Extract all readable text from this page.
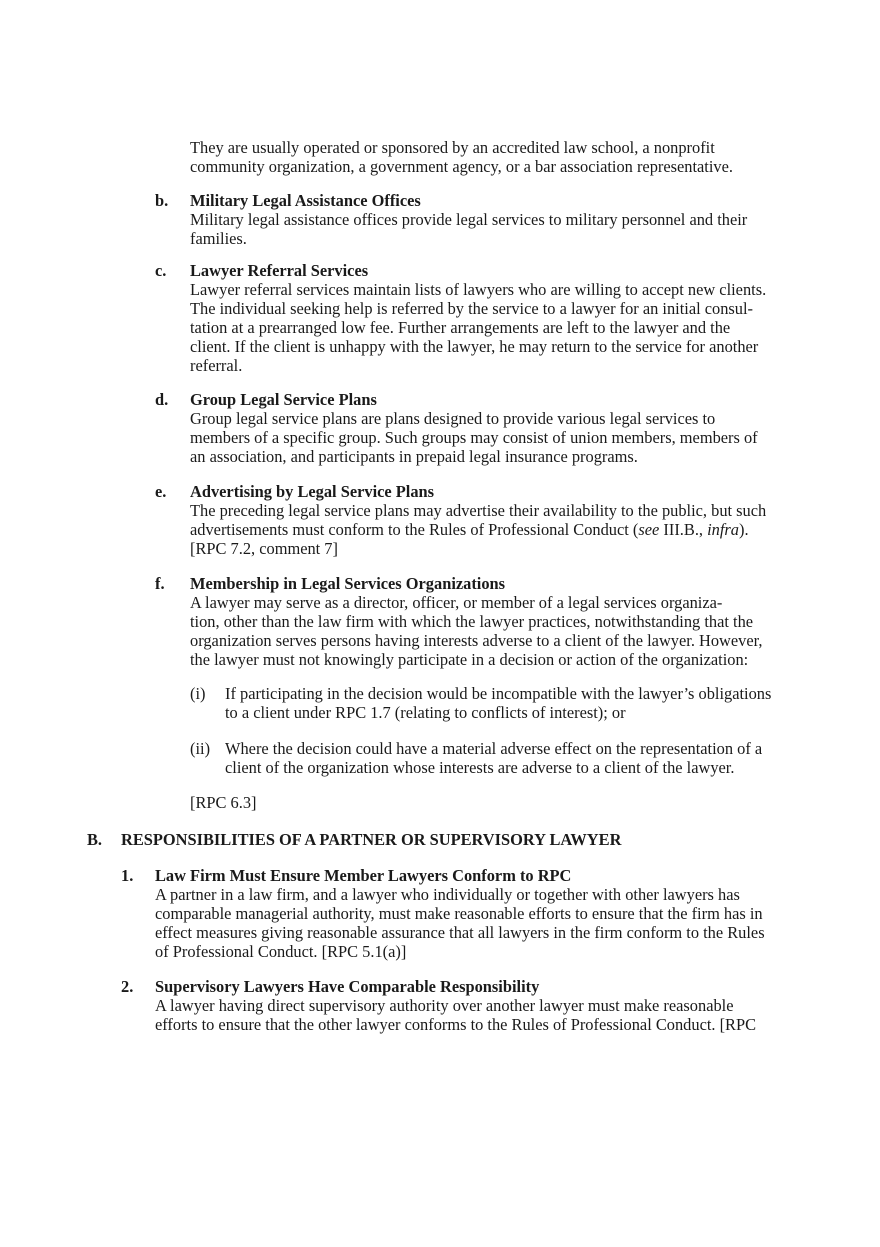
They are usually operated or sponsored by an accredited law school, a nonprofit
community organization, a government agency, or a bar association representative.
b. Military Legal Assistance Offices
Military legal assistance offices provide legal services to military personnel and their
families.
c. Lawyer Referral Services
Lawyer referral services maintain lists of lawyers who are willing to accept new clients.
The individual seeking help is referred by the service to a lawyer for an initial consul-
tation at a prearranged low fee. Further arrangements are left to the lawyer and the
client. If the client is unhappy with the lawyer, he may return to the service for another
referral.
d. Group Legal Service Plans
Group legal service plans are plans designed to provide various legal services to
members of a specific group. Such groups may consist of union members, members of
an association, and participants in prepaid legal insurance programs.
e. Advertising by Legal Service Plans
The preceding legal service plans may advertise their availability to the public, but such
advertisements must conform to the Rules of Professional Conduct (see III.B., infra).
[RPC 7.2, comment 7]
f. Membership in Legal Services Organizations
A lawyer may serve as a director, officer, or member of a legal services organiza-
tion, other than the law firm with which the lawyer practices, notwithstanding that the
organization serves persons having interests adverse to a client of the lawyer. However,
the lawyer must not knowingly participate in a decision or action of the organization:
(i) If participating in the decision would be incompatible with the lawyer’s obligations
to a client under RPC 1.7 (relating to conflicts of interest); or
(ii) Where the decision could have a material adverse effect on the representation of a
client of the organization whose interests are adverse to a client of the lawyer.
[RPC 6.3]
B. RESPONSIBILITIES OF A PARTNER OR SUPERVISORY LAWYER
1. Law Firm Must Ensure Member Lawyers Conform to RPC
A partner in a law firm, and a lawyer who individually or together with other lawyers has
comparable managerial authority, must make reasonable efforts to ensure that the firm has in
effect measures giving reasonable assurance that all lawyers in the firm conform to the Rules
of Professional Conduct. [RPC 5.1(a)]
2. Supervisory Lawyers Have Comparable Responsibility
A lawyer having direct supervisory authority over another lawyer must make reasonable
efforts to ensure that the other lawyer conforms to the Rules of Professional Conduct. [RPC
